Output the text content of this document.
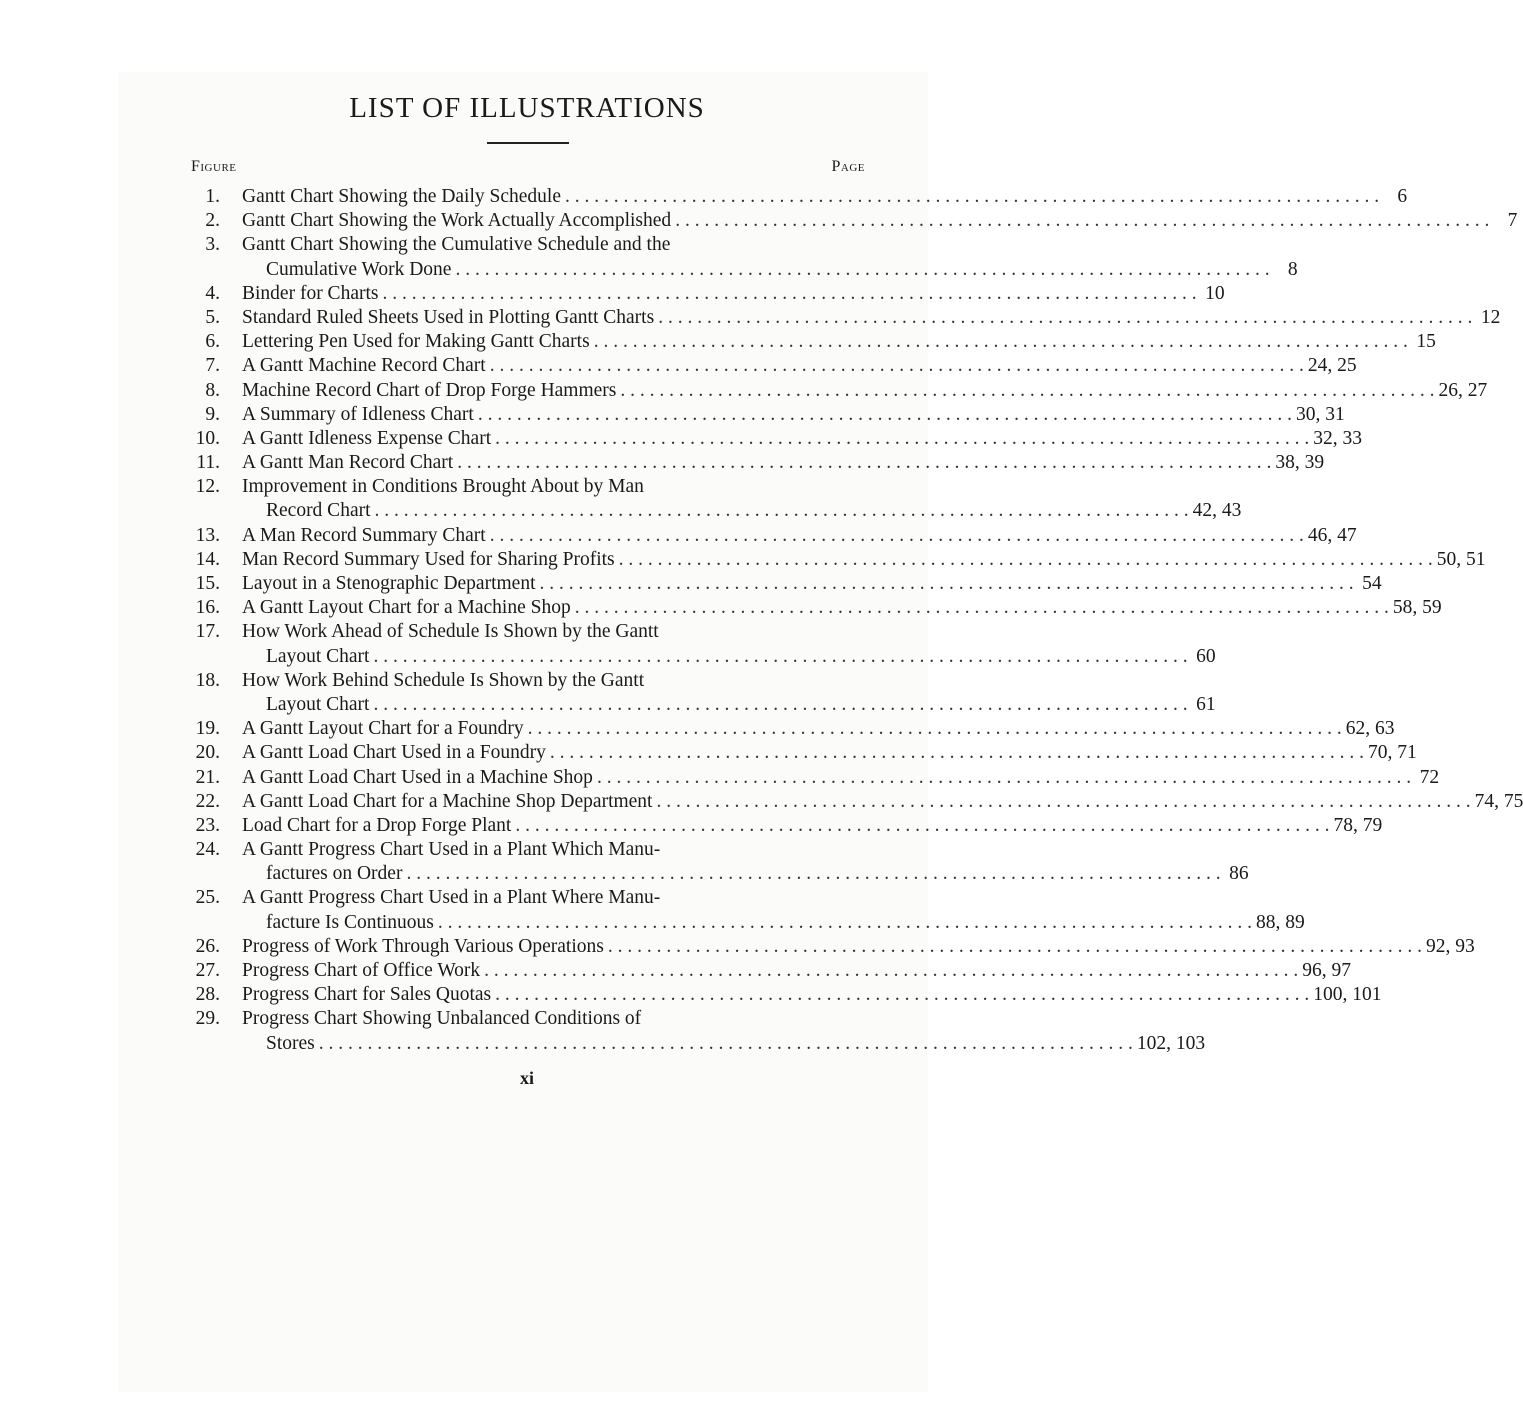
LIST OF ILLUSTRATIONS
Figure	Page
1. Gantt Chart Showing the Daily Schedule . . .	6
2. Gantt Chart Showing the Work Actually Accomplished . . .	7
3. Gantt Chart Showing the Cumulative Schedule and the
Cumulative Work Done . . .	8
4. Binder for Charts . . .	10
5. Standard Ruled Sheets Used in Plotting Gantt Charts . . .	12
6. Lettering Pen Used for Making Gantt Charts . . .	15
7. A Gantt Machine Record Chart . . .	24, 25
8. Machine Record Chart of Drop Forge Hammers . . .	26, 27
9. A Summary of Idleness Chart . . .	30, 31
10. A Gantt Idleness Expense Chart . . .	32, 33
11. A Gantt Man Record Chart . . .	38, 39
12. Improvement in Conditions Brought About by Man
Record Chart . . .	42, 43
13. A Man Record Summary Chart . . .	46, 47
14. Man Record Summary Used for Sharing Profits . . .	50, 51
15. Layout in a Stenographic Department . . .	54
16. A Gantt Layout Chart for a Machine Shop . . .	58, 59
17. How Work Ahead of Schedule Is Shown by the Gantt
Layout Chart . . .	60
18. How Work Behind Schedule Is Shown by the Gantt
Layout Chart . . .	61
19. A Gantt Layout Chart for a Foundry . . .	62, 63
20. A Gantt Load Chart Used in a Foundry . . .	70, 71
21. A Gantt Load Chart Used in a Machine Shop . . .	72
22. A Gantt Load Chart for a Machine Shop Department . . .	74, 75
23. Load Chart for a Drop Forge Plant . . .	78, 79
24. A Gantt Progress Chart Used in a Plant Which Manu-
factures on Order . . .	86
25. A Gantt Progress Chart Used in a Plant Where Manu-
facture Is Continuous . . .	88, 89
26. Progress of Work Through Various Operations . . .	92, 93
27. Progress Chart of Office Work . . .	96, 97
28. Progress Chart for Sales Quotas . . .	100, 101
29. Progress Chart Showing Unbalanced Conditions of
Stores . . .	102, 103
xi
